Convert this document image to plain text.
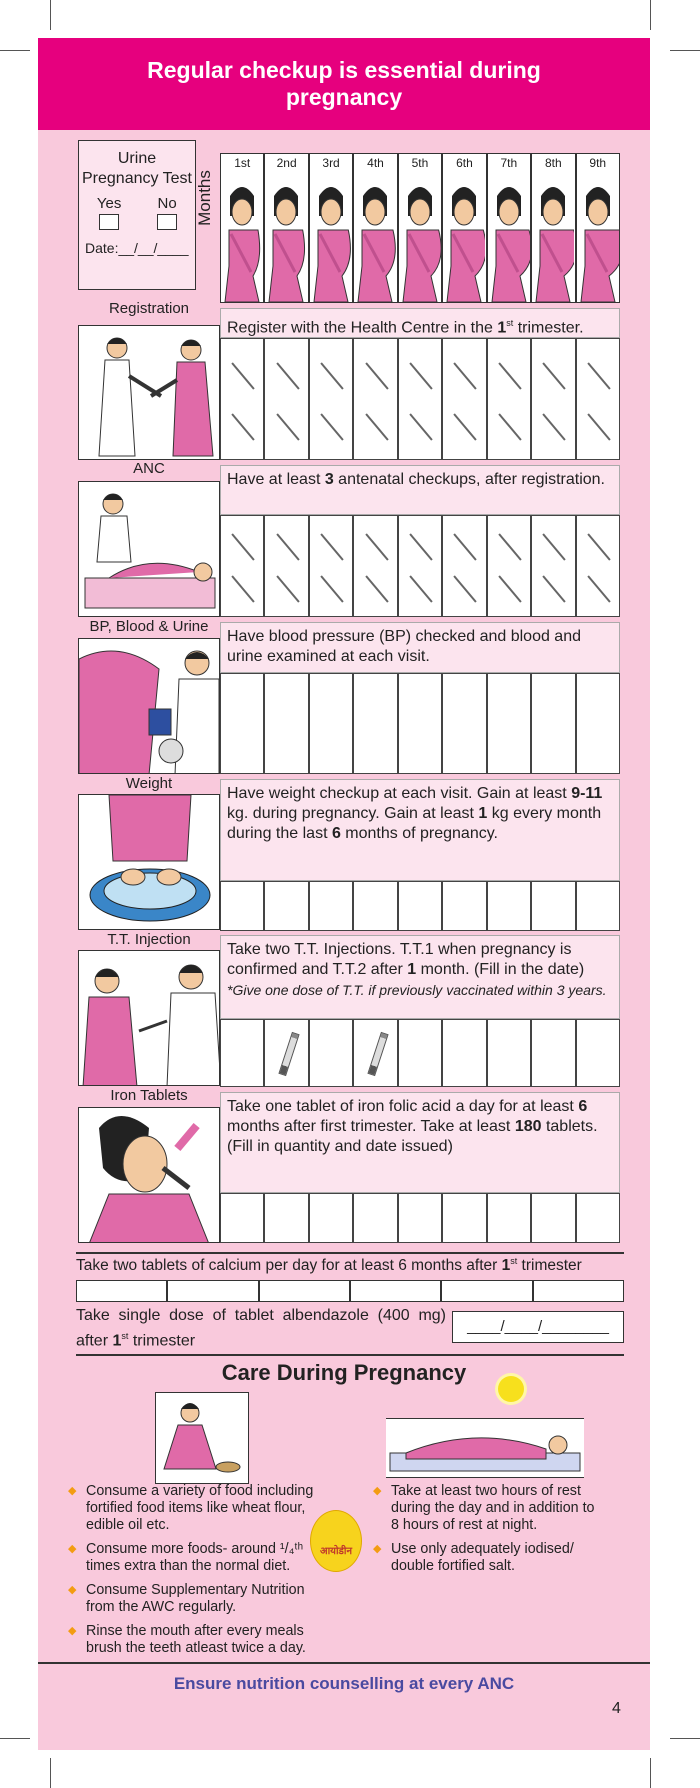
Regular checkup is essential during pregnancy
Urine Pregnancy Test
Yes No
Date:__/__/____
Months
1st	2nd	3rd	4th	5th	6th	7th	8th	9th
Registration
Register with the Health Centre in the 1st trimester.
ANC
Have at least 3 antenatal checkups, after registration.
BP, Blood & Urine
Have blood pressure (BP) checked and blood and urine examined at each visit.
Weight
Have weight checkup at each visit. Gain at least 9-11 kg. during pregnancy. Gain at least 1 kg every month during the last 6 months of pregnancy.
T.T. Injection
Take two T.T. Injections. T.T.1 when pregnancy is confirmed and T.T.2 after 1 month. (Fill in the date)
*Give one dose of T.T. if previously vaccinated within 3 years.
Iron Tablets
Take one tablet of iron folic acid a day for at least 6 months after first trimester. Take at least 180 tablets. (Fill in quantity and date issued)
Take two tablets of calcium per day for at least 6 months after 1st trimester
Take single dose of tablet albendazole (400 mg) after 1st trimester
____/____/________
Care During Pregnancy
◆ Consume a variety of food including fortified food items like wheat flour, edible oil etc.
◆ Consume more foods- around ¹/₄ᵗʰ times extra than the normal diet.
◆ Consume Supplementary Nutrition from the AWC regularly.
◆ Rinse the mouth after every meals brush the teeth atleast twice a day.
आयोडीन
◆ Take at least two hours of rest during the day and in addition to 8 hours of rest at night.
◆ Use only adequately iodised/ double fortified salt.
Ensure nutrition counselling at every ANC
4
